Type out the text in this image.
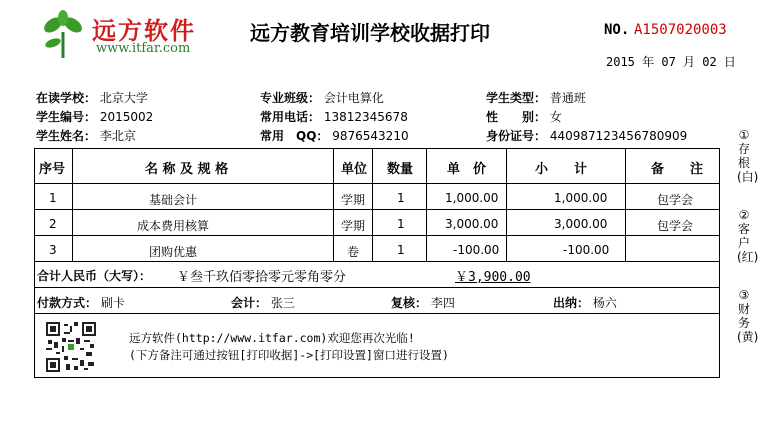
远方软件
www.itfar.com
远方教育培训学校收据打印	NO. A1507020003
2015 年 07 月 02 日
在读学校： 北京大学	专业班级： 会计电算化	学生类型： 普通班
学生编号： 2015002	常用电话： 13812345678	性　　别： 女
学生姓名： 李北京	常用　QQ： 9876543210	身份证号： 440987123456780909
序号	名 称 及 规 格	单位 数量	单　价	小　　计	备　　注
1	基础会计	学期	1	1,000.00	1,000.00	包学会
2	成本费用核算	学期	1	3,000.00	3,000.00	包学会
3	团购优惠	卷	1	-100.00	-100.00
合计人民币（大写）： ￥叁千玖佰零拾零元零角零分	￥3,900.00
付款方式： 刷卡	会计： 张三	复核： 李四	出纳： 杨六
远方软件(http://www.itfar.com)欢迎您再次光临!
(下方备注可通过按钮[打印收据]->[打印设置]窗口进行设置)
①存根(白)
②客户(红)
③财务(黄)
